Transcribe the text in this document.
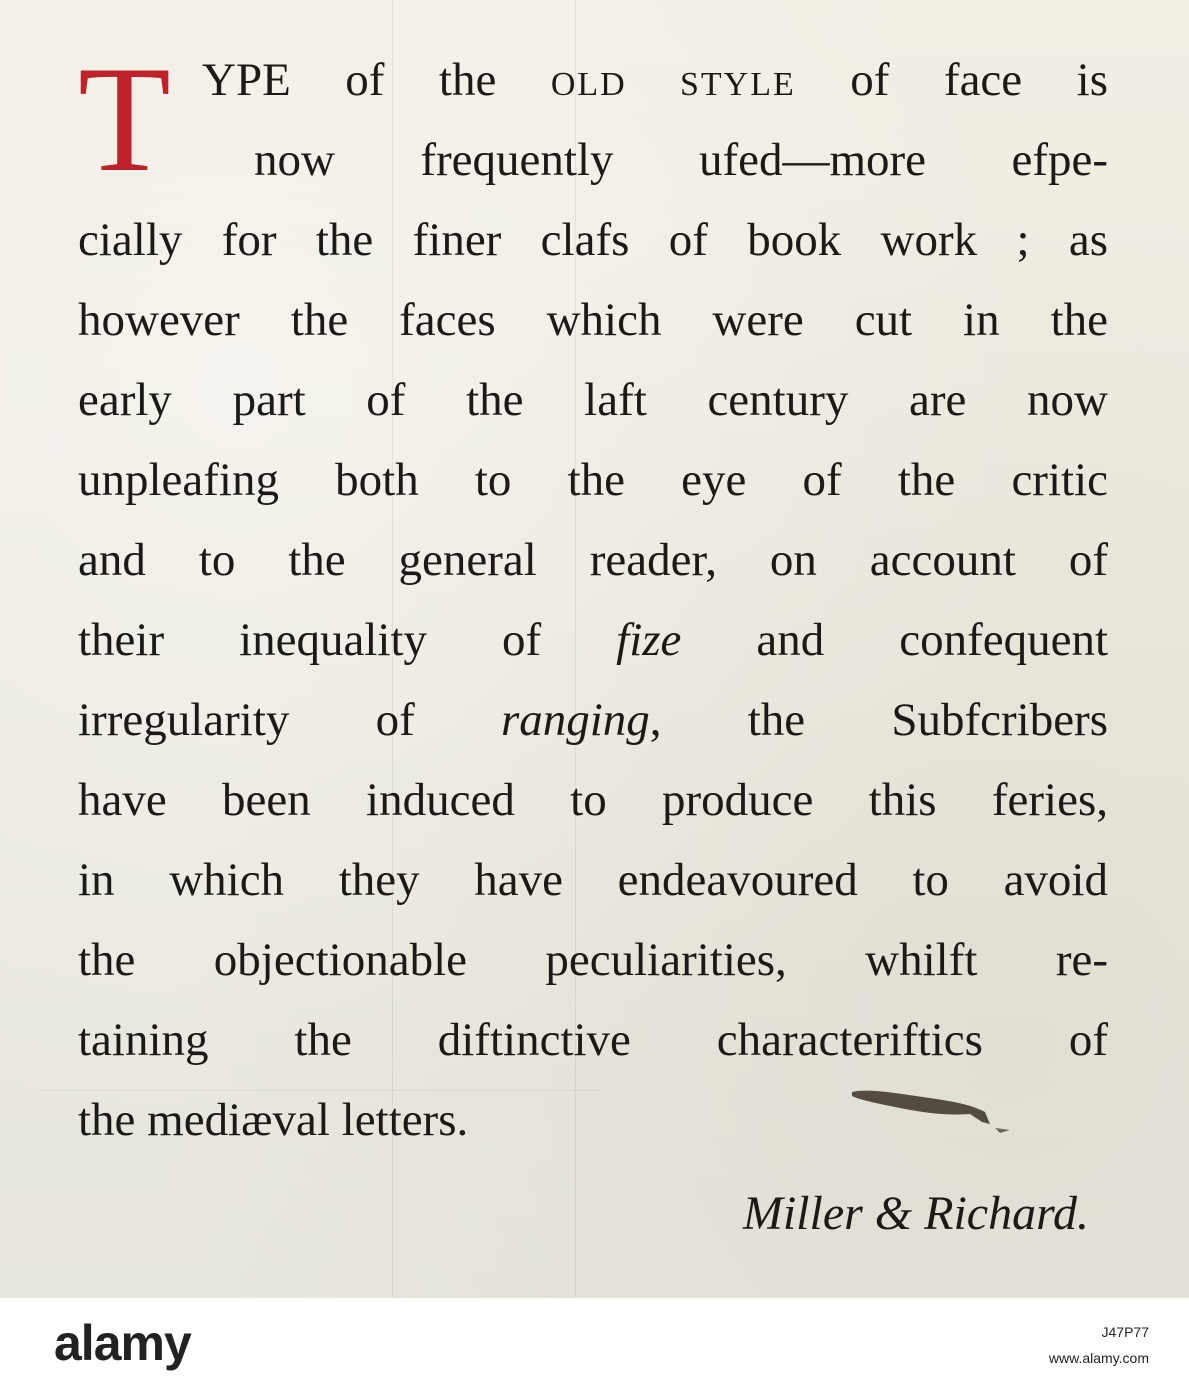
T YPE of the OLD STYLE of face is
now frequently ufed—more efpe-
cially for the finer clafs of book work ; as
however the faces which were cut in the
early part of the laft century are now
unpleafing both to the eye of the critic
and to the general reader, on account of
their inequality of fize and confequent
irregularity of ranging, the Subfcribers
have been induced to produce this feries,
in which they have endeavoured to avoid
the objectionable peculiarities, whilft re-
taining the diftinctive characteriftics of
the mediæval letters.
Miller & Richard.
alamy	J47P77
www.alamy.com
